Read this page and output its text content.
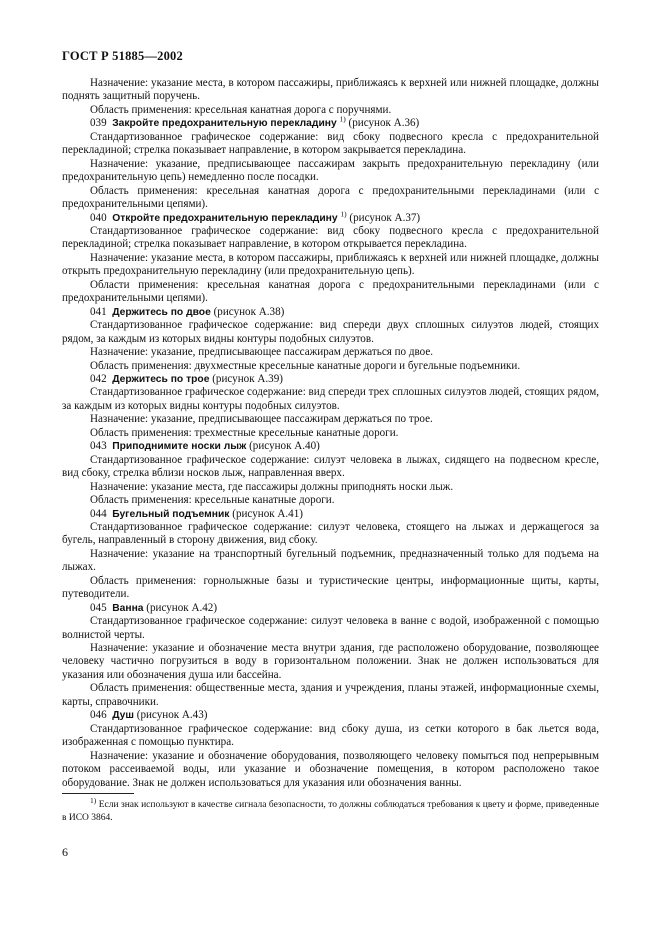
ГОСТ Р 51885—2002

Назначение: указание места, в котором пассажиры, приближаясь к верхней или нижней площадке, должны поднять защитный поручень.

Область применения: кресельная канатная дорога с поручнями.

039 Закройте предохранительную перекладину $^{1)}$ (рисунок А.36)

Стандартизованное графическое содержание: вид сбоку подвесного кресла с предохранительной перекладиной; стрелка показывает направление, в котором закрывается перекладина.

Назначение: указание, предписывающее пассажирам закрыть предохранительную перекладину (или предохранительную цепь) немедленно после посадки.

Область применения: кресельная канатная дорога с предохранительными перекладинами (или с предохранительными цепями).

040 Откройте предохранительную перекладину $^{1)}$ (рисунок А.37)

Стандартизованное графическое содержание: вид сбоку подвесного кресла с предохранительной перекладиной; стрелка показывает направление, в котором открывается перекладина.

Назначение: указание места, в котором пассажиры, приближаясь к верхней или нижней площадке, должны открыть предохранительную перекладину (или предохранительную цепь).

Области применения: кресельная канатная дорога с предохранительными перекладинами (или с предохранительными цепями).

041 Держитесь по двое (рисунок А.38)

Стандартизованное графическое содержание: вид спереди двух сплошных силуэтов людей, стоящих рядом, за каждым из которых видны контуры подобных силуэтов.

Назначение: указание, предписывающее пассажирам держаться по двое.

Область применения: двухместные кресельные канатные дороги и бугельные подъемники.

042 Держитесь по трое (рисунок А.39)

Стандартизованное графическое содержание: вид спереди трех сплошных силуэтов людей, стоящих рядом, за каждым из которых видны контуры подобных силуэтов.

Назначение: указание, предписывающее пассажирам держаться по трое.

Область применения: трехместные кресельные канатные дороги.

043 Приподнимите носки лыж (рисунок А.40)

Стандартизованное графическое содержание: силуэт человека в лыжах, сидящего на подвесном кресле, вид сбоку, стрелка вблизи носков лыж, направленная вверх.

Назначение: указание места, где пассажиры должны приподнять носки лыж.

Область применения: кресельные канатные дороги.

044 Бугельный подъемник (рисунок А.41)

Стандартизованное графическое содержание: силуэт человека, стоящего на лыжах и держащегося за бугель, направленный в сторону движения, вид сбоку.

Назначение: указание на транспортный бугельный подъемник, предназначенный только для подъема на лыжах.

Область применения: горнолыжные базы и туристические центры, информационные щиты, карты, путеводители.

045 Ванна (рисунок А.42)

Стандартизованное графическое содержание: силуэт человека в ванне с водой, изображенной с помощью волнистой черты.

Назначение: указание и обозначение места внутри здания, где расположено оборудование, позволяющее человеку частично погрузиться в воду в горизонтальном положении. Знак не должен использоваться для указания или обозначения душа или бассейна.

Область применения: общественные места, здания и учреждения, планы этажей, информационные схемы, карты, справочники.

046 Душ (рисунок А.43)

Стандартизованное графическое содержание: вид сбоку душа, из сетки которого в бак льется вода, изображенная с помощью пунктира.

Назначение: указание и обозначение оборудования, позволяющего человеку помыться под непрерывным потоком рассеиваемой воды, или указание и обозначение помещения, в котором расположено такое оборудование. Знак не должен использоваться для указания или обозначения ванны.

$^{1)}$ Если знак используют в качестве сигнала безопасности, то должны соблюдаться требования к цвету и форме, приведенные в ИСО 3864.
6
